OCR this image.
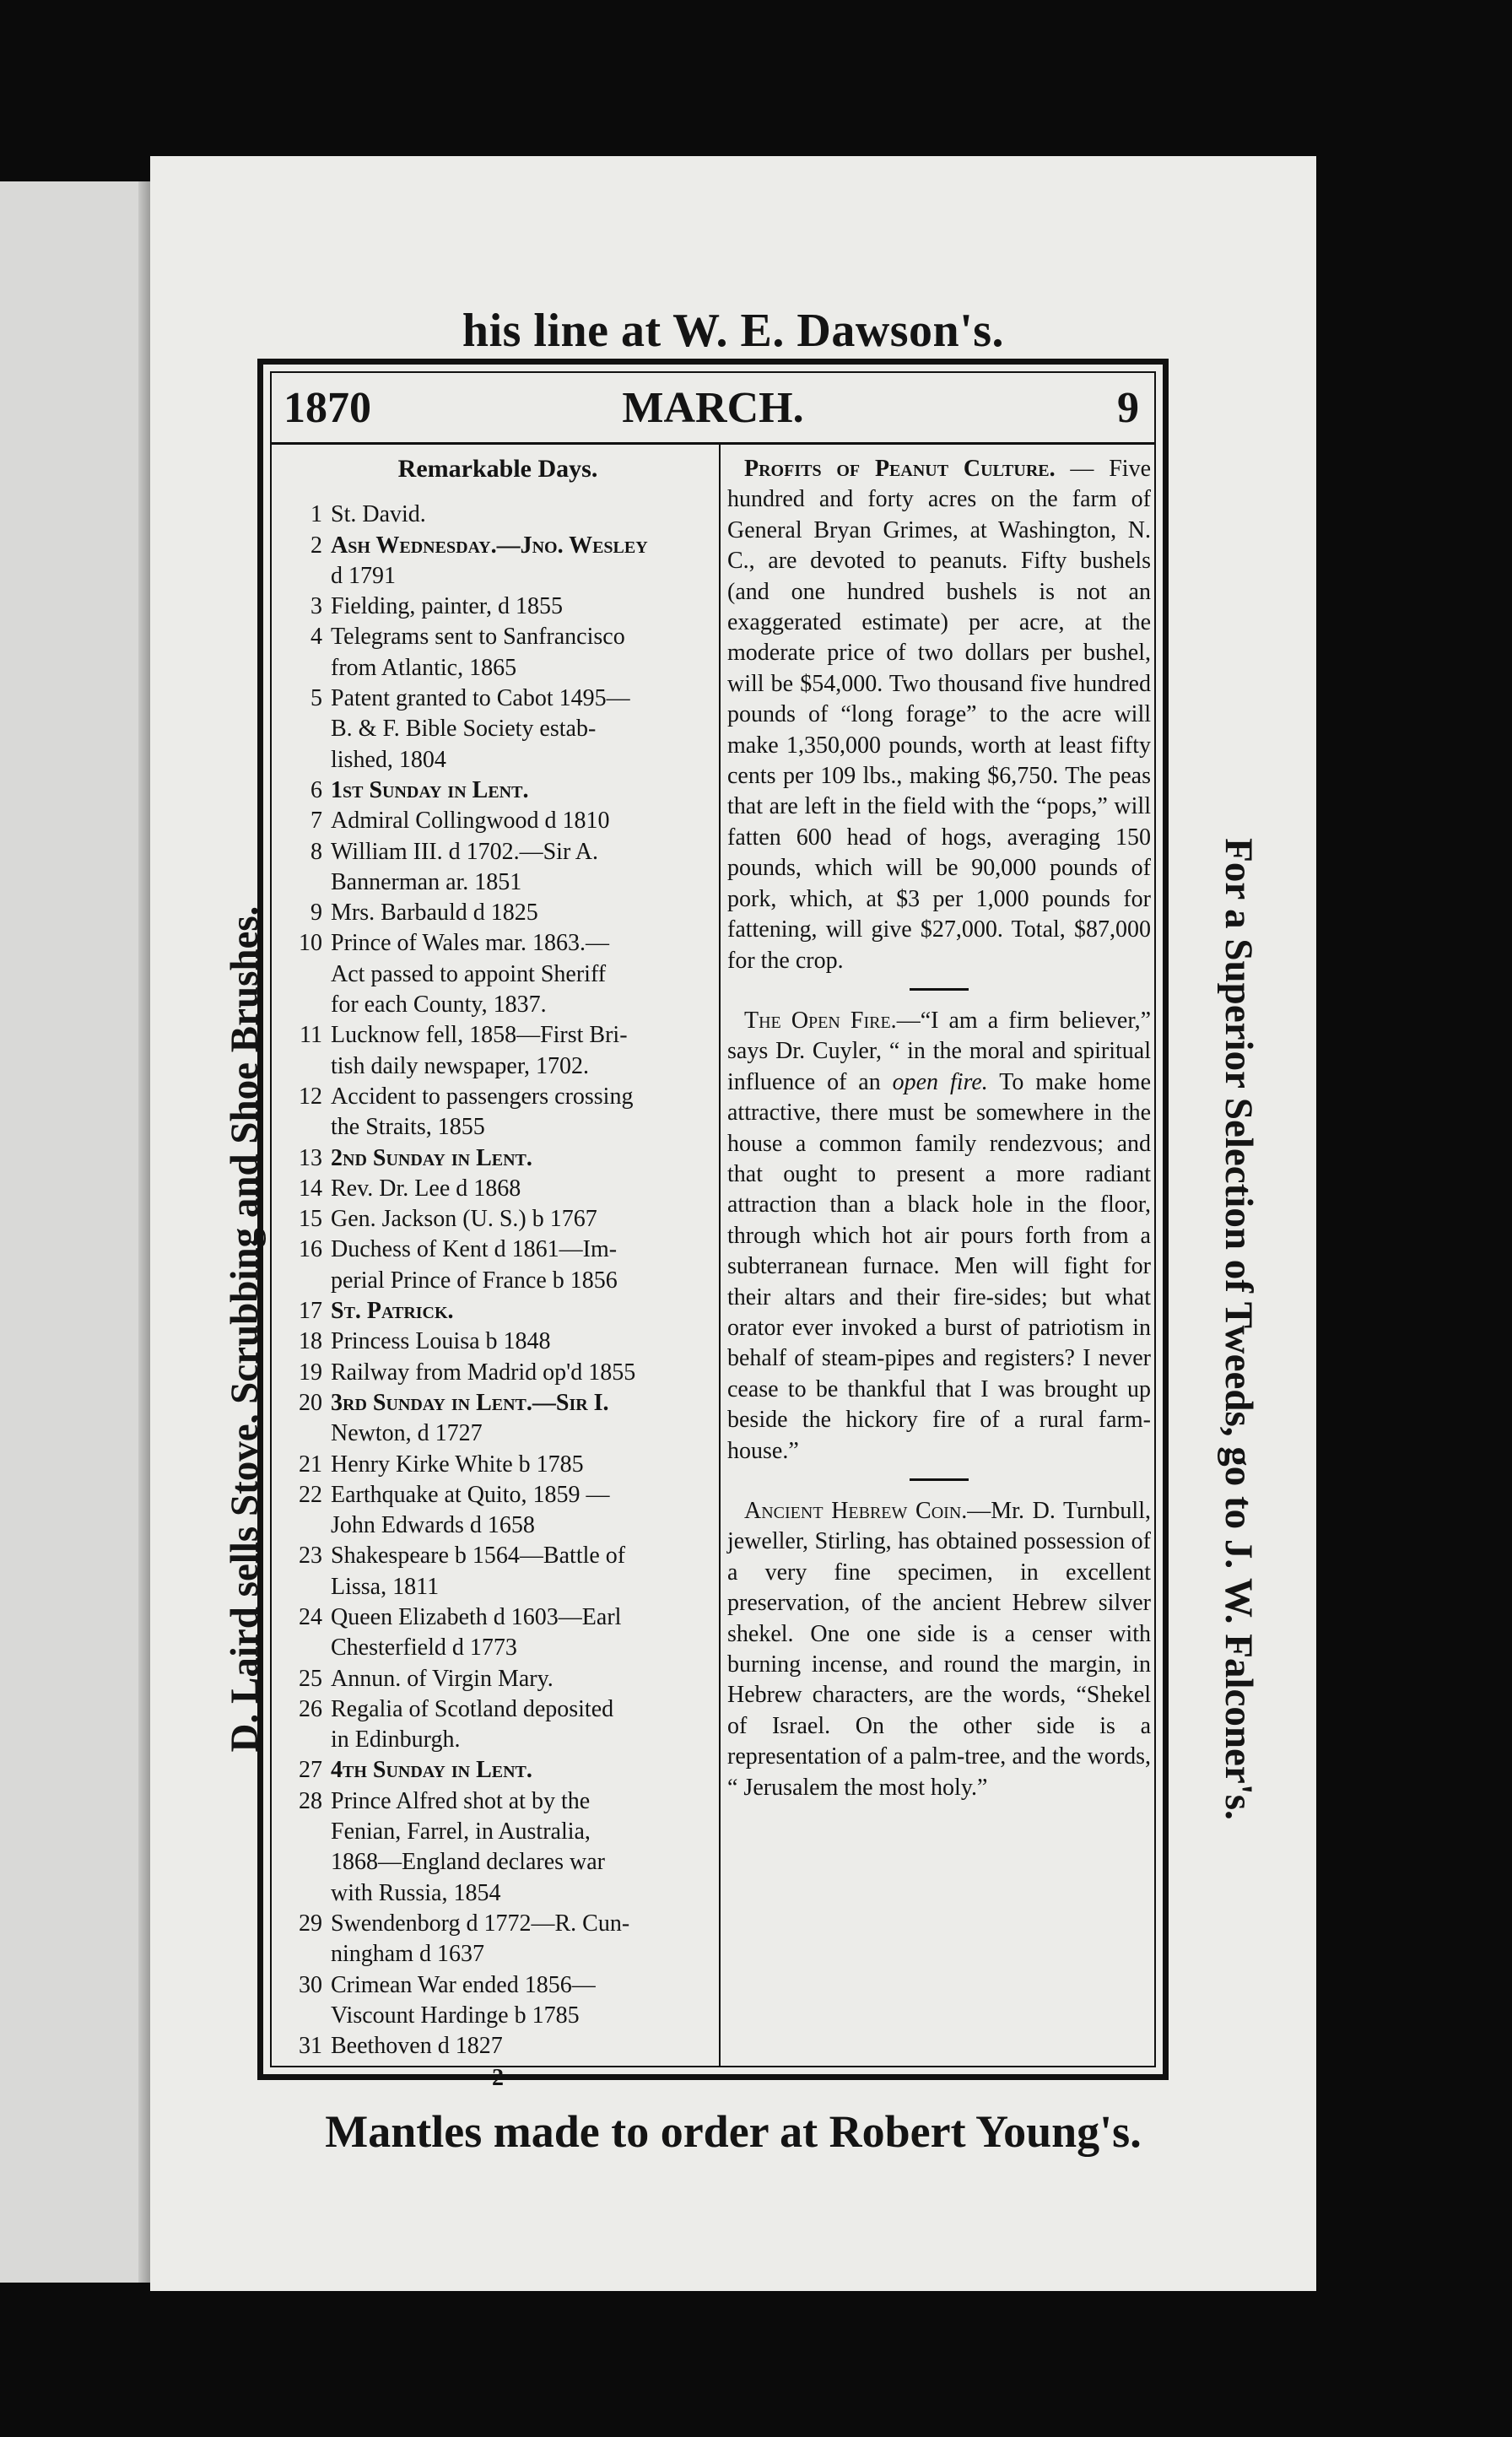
his line at W. E. Dawson's.
D. Laird sells Stove, Scrubbing and Shoe Brushes.	For a Superior Selection of Tweeds, go to J. W. Falconer's.
1870	MARCH.	9
Remarkable Days.
1 St. David.
2 Ash Wednesday.—Jno. Wesley
d 1791
3 Fielding, painter, d 1855
4 Telegrams sent to Sanfrancisco
from Atlantic, 1865
5 Patent granted to Cabot 1495—
B. & F. Bible Society estab-
lished, 1804
6 1st Sunday in Lent.
7 Admiral Collingwood d 1810
8 William III. d 1702.—Sir A.
Bannerman ar. 1851
9 Mrs. Barbauld d 1825
10 Prince of Wales mar. 1863.—
Act passed to appoint Sheriff
for each County, 1837.
11 Lucknow fell, 1858—First Bri-
tish daily newspaper, 1702.
12 Accident to passengers crossing
the Straits, 1855
13 2nd Sunday in Lent.
14 Rev. Dr. Lee d 1868
15 Gen. Jackson (U. S.) b 1767
16 Duchess of Kent d 1861—Im-
perial Prince of France b 1856
17 St. Patrick.
18 Princess Louisa b 1848
19 Railway from Madrid op'd 1855
20 3rd Sunday in Lent.—Sir I.
Newton, d 1727
21 Henry Kirke White b 1785
22 Earthquake at Quito, 1859 —
John Edwards d 1658
23 Shakespeare b 1564—Battle of
Lissa, 1811
24 Queen Elizabeth d 1603—Earl
Chesterfield d 1773
25 Annun. of Virgin Mary.
26 Regalia of Scotland deposited
in Edinburgh.
27 4th Sunday in Lent.
28 Prince Alfred shot at by the
Fenian, Farrel, in Australia,
1868—England declares war
with Russia, 1854
29 Swendenborg d 1772—R. Cun-
ningham d 1637
30 Crimean War ended 1856—
Viscount Hardinge b 1785
31 Beethoven d 1827
2

Profits of Peanut Culture. — Five hundred and forty acres on the farm of General Bryan Grimes, at Washington, N. C., are devoted to peanuts. Fifty bushels (and one hundred bushels is not an exaggerated estimate) per acre, at the moderate price of two dollars per bushel, will be $54,000. Two thousand five hundred pounds of “long forage” to the acre will make 1,350,000 pounds, worth at least fifty cents per 109 lbs., making $6,750. The peas that are left in the field with the “pops,” will fatten 600 head of hogs, averaging 150 pounds, which will be 90,000 pounds of pork, which, at $3 per 1,000 pounds for fattening, will give $27,000. Total, $87,000 for the crop.

The Open Fire.—“I am a firm believer,” says Dr. Cuyler, “ in the moral and spiritual influence of an open fire. To make home attractive, there must be somewhere in the house a common family rendezvous; and that ought to present a more radiant attraction than a black hole in the floor, through which hot air pours forth from a subterranean furnace. Men will fight for their altars and their fire-sides; but what orator ever invoked a burst of patriotism in behalf of steam-pipes and registers? I never cease to be thankful that I was brought up beside the hickory fire of a rural farm-house.”

Ancient Hebrew Coin.—Mr. D. Turnbull, jeweller, Stirling, has obtained possession of a very fine specimen, in excellent preservation, of the ancient Hebrew silver shekel. One one side is a censer with burning incense, and round the margin, in Hebrew characters, are the words, “Shekel of Israel. On the other side is a representation of a palm-tree, and the words, “ Jerusalem the most holy.”

Mantles made to order at Robert Young's.
